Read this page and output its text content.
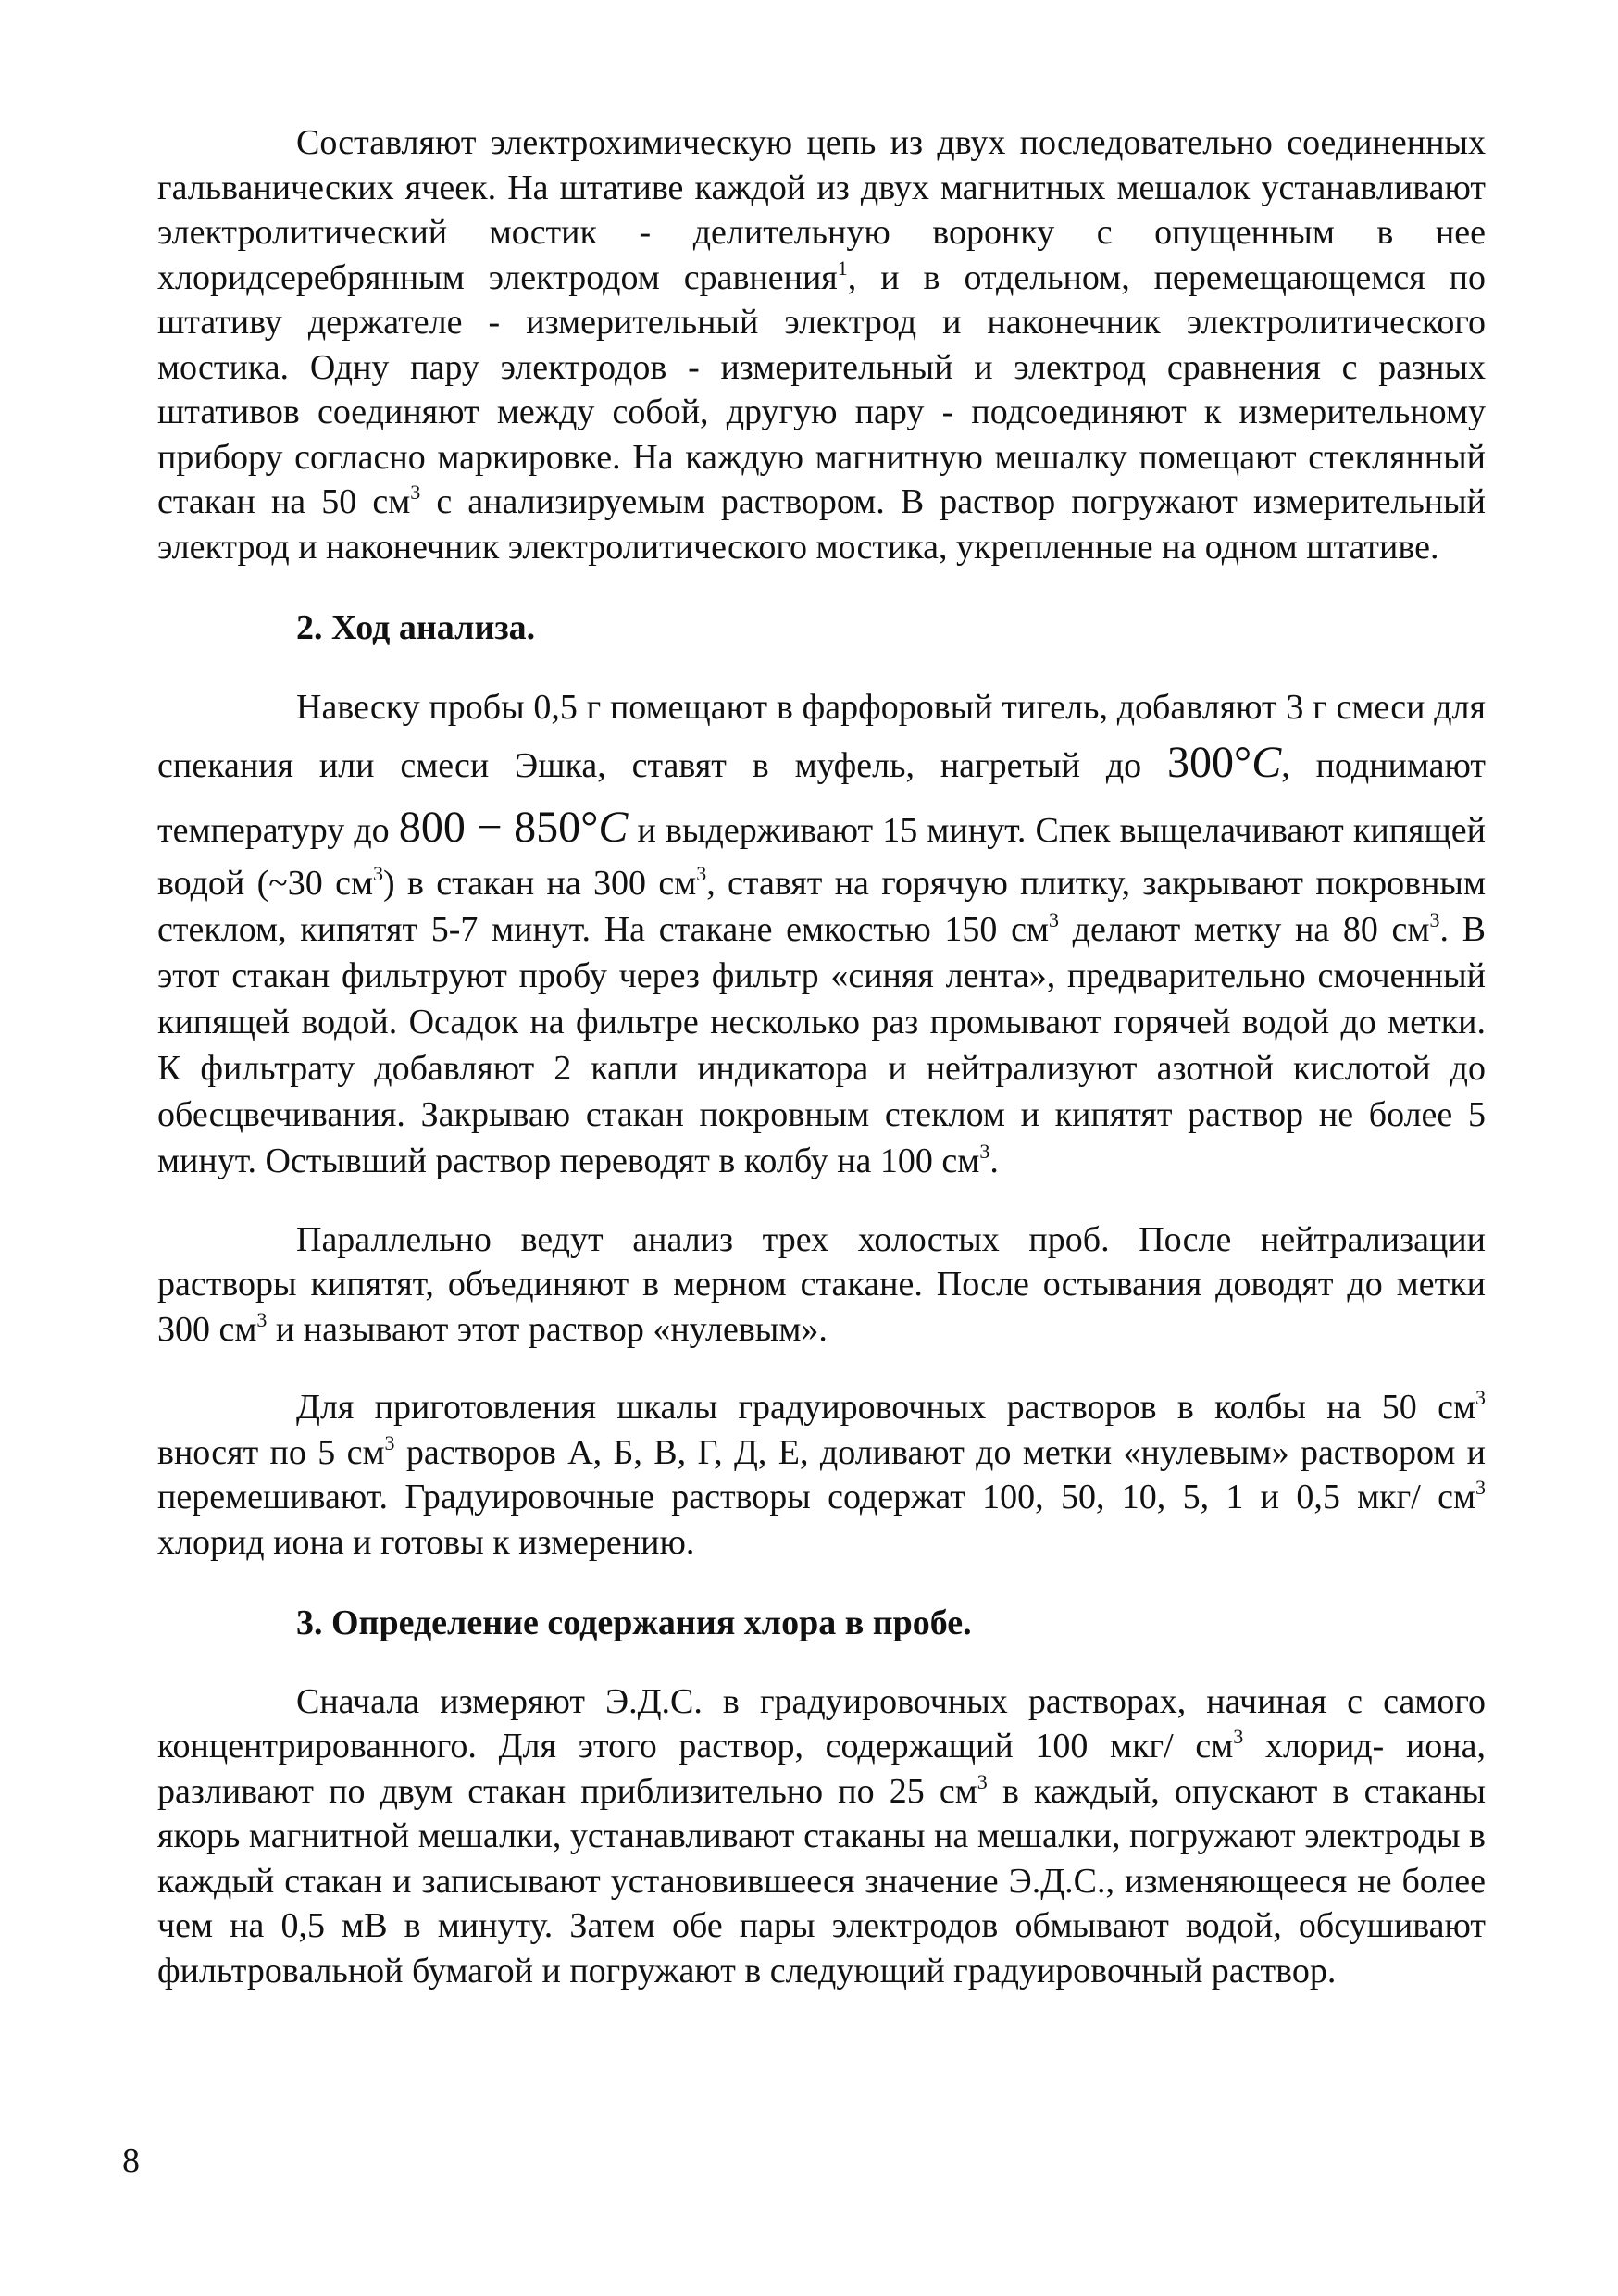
Составляют электрохимическую цепь из двух последовательно соединенных гальванических ячеек. На штативе каждой из двух магнитных мешалок устанавливают электролитический мостик - делительную воронку с опущенным в нее хлоридсеребрянным электродом сравнения$^1$, и в отдельном, перемещающемся по штативу держателе - измерительный электрод и наконечник электролитического мостика. Одну пару электродов - измерительный и электрод сравнения с разных штативов соединяют между собой, другую пару - подсоединяют к измерительному прибору согласно маркировке. На каждую магнитную мешалку помещают стеклянный стакан на 50 $см^3$ с анализируемым раствором. В раствор погружают измерительный электрод и наконечник электролитического мостика, укрепленные на одном штативе.

2. Ход анализа.

Навеску пробы 0,5 г помещают в фарфоровый тигель, добавляют 3 г смеси для спекания или смеси Эшка, ставят в муфель, нагретый до 300°C, поднимают температуру до 800 − 850°C и выдерживают 15 минут. Спек выщелачивают кипящей водой (~30 $см^3$) в стакан на 300 $см^3$, ставят на горячую плитку, закрывают покровным стеклом, кипятят 5-7 минут. На стакане емкостью 150 $см^3$ делают метку на 80 $см^3$. В этот стакан фильтруют пробу через фильтр «синяя лента», предварительно смоченный кипящей водой. Осадок на фильтре несколько раз промывают горячей водой до метки. К фильтрату добавляют 2 капли индикатора и нейтрализуют азотной кислотой до обесцвечивания. Закрываю стакан покровным стеклом и кипятят раствор не более 5 минут. Остывший раствор переводят в колбу на 100 $см^3$.

Параллельно ведут анализ трех холостых проб. После нейтрализации растворы кипятят, объединяют в мерном стакане. После остывания доводят до метки 300 $см^3$ и называют этот раствор «нулевым».

Для приготовления шкалы градуировочных растворов в колбы на 50 $см^3$ вносят по 5 $см^3$ растворов А, Б, В, Г, Д, Е, доливают до метки «нулевым» раствором и перемешивают. Градуировочные растворы содержат 100, 50, 10, 5, 1 и 0,5 мкг/ $см^3$ хлорид иона и готовы к измерению.

3. Определение содержания хлора в пробе.

Сначала измеряют Э.Д.С. в градуировочных растворах, начиная с самого концентрированного. Для этого раствор, содержащий 100 мкг/ $см^3$ хлорид- иона, разливают по двум стакан приблизительно по 25 $см^3$ в каждый, опускают в стаканы якорь магнитной мешалки, устанавливают стаканы на мешалки, погружают электроды в каждый стакан и записывают установившееся значение Э.Д.С., изменяющееся не более чем на 0,5 мВ в минуту. Затем обе пары электродов обмывают водой, обсушивают фильтровальной бумагой и погружают в следующий градуировочный раствор.

8
